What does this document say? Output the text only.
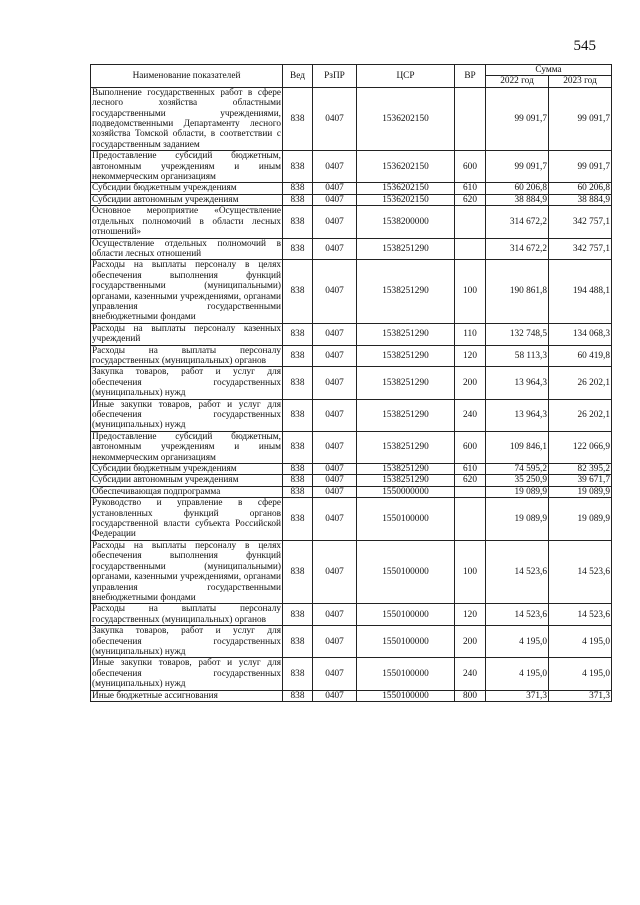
545
Наименование показателей	Вед	РзПР	ЦСР	ВР	Сумма	
					2022 год	2023 год
Выполнение государственных работ в сфере лесного хозяйства областными государственными учреждениями, подведомственными Департаменту лесного хозяйства Томской области, в соответствии с государственным заданием	838	0407	1536202150		99 091,7	99 091,7
Предоставление субсидий бюджетным, автономным учреждениям и иным некоммерческим организациям	838	0407	1536202150	600	99 091,7	99 091,7
Субсидии бюджетным учреждениям	838	0407	1536202150	610	60 206,8	60 206,8
Субсидии автономным учреждениям	838	0407	1536202150	620	38 884,9	38 884,9
Основное мероприятие «Осуществление отдельных полномочий в области лесных отношений»	838	0407	1538200000		314 672,2	342 757,1
Осуществление отдельных полномочий в области лесных отношений	838	0407	1538251290		314 672,2	342 757,1
Расходы на выплаты персоналу в целях обеспечения выполнения функций государственными (муниципальными) органами, казенными учреждениями, органами управления государственными внебюджетными фондами	838	0407	1538251290	100	190 861,8	194 488,1
Расходы на выплаты персоналу казенных учреждений	838	0407	1538251290	110	132 748,5	134 068,3
Расходы на выплаты персоналу государственных (муниципальных) органов	838	0407	1538251290	120	58 113,3	60 419,8
Закупка товаров, работ и услуг для обеспечения государственных (муниципальных) нужд	838	0407	1538251290	200	13 964,3	26 202,1
Иные закупки товаров, работ и услуг для обеспечения государственных (муниципальных) нужд	838	0407	1538251290	240	13 964,3	26 202,1
Предоставление субсидий бюджетным, автономным учреждениям и иным некоммерческим организациям	838	0407	1538251290	600	109 846,1	122 066,9
Субсидии бюджетным учреждениям	838	0407	1538251290	610	74 595,2	82 395,2
Субсидии автономным учреждениям	838	0407	1538251290	620	35 250,9	39 671,7
Обеспечивающая подпрограмма	838	0407	1550000000		19 089,9	19 089,9
Руководство и управление в сфере установленных функций органов государственной власти субъекта Российской Федерации	838	0407	1550100000		19 089,9	19 089,9
Расходы на выплаты персоналу в целях обеспечения выполнения функций государственными (муниципальными) органами, казенными учреждениями, органами управления государственными внебюджетными фондами	838	0407	1550100000	100	14 523,6	14 523,6
Расходы на выплаты персоналу государственных (муниципальных) органов	838	0407	1550100000	120	14 523,6	14 523,6
Закупка товаров, работ и услуг для обеспечения государственных (муниципальных) нужд	838	0407	1550100000	200	4 195,0	4 195,0
Иные закупки товаров, работ и услуг для обеспечения государственных (муниципальных) нужд	838	0407	1550100000	240	4 195,0	4 195,0
Иные бюджетные ассигнования	838	0407	1550100000	800	371,3	371,3
